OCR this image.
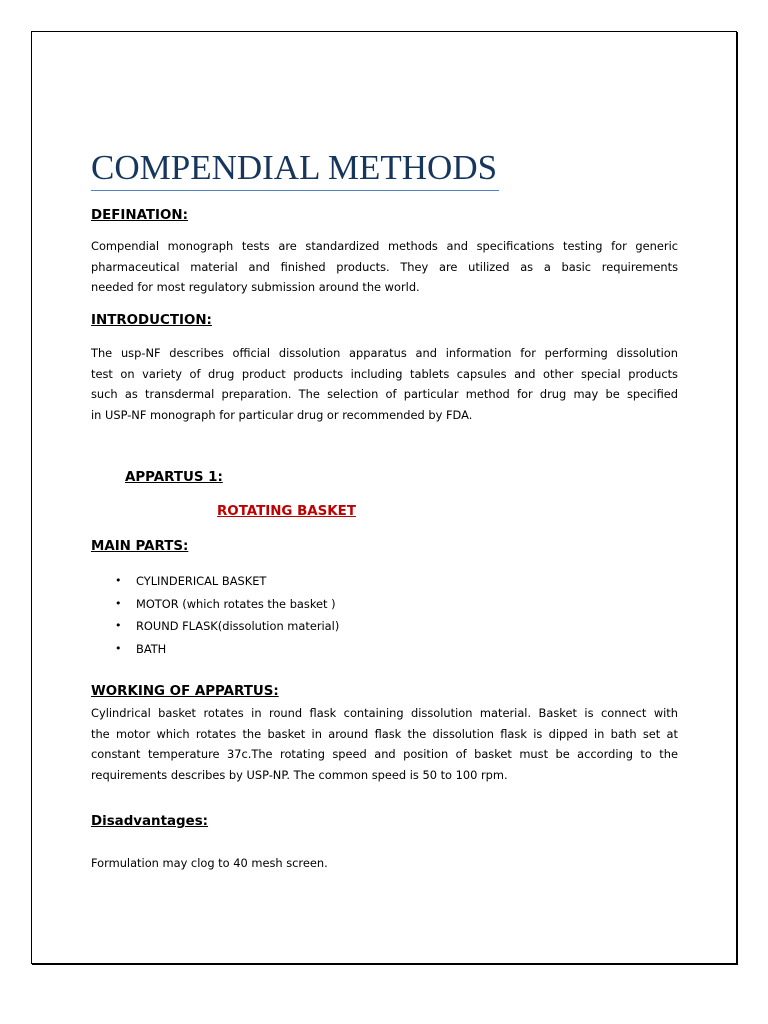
COMPENDIAL METHODS
DEFINATION:

Compendial monograph tests are standardized methods and specifications testing for generic
pharmaceutical material and finished products. They are utilized as a basic requirements
needed for most regulatory submission around the world.

INTRODUCTION:

The usp-NF describes official dissolution apparatus and information for performing dissolution
test on variety of drug product products including tablets capsules and other special products
such as transdermal preparation. The selection of particular method for drug may be specified
in USP-NF monograph for particular drug or recommended by FDA.

APPARTUS 1:
ROTATING BASKET
MAIN PARTS:
• CYLINDERICAL BASKET
• MOTOR (which rotates the basket )
• ROUND FLASK(dissolution material)
• BATH
WORKING OF APPARTUS:

Cylindrical basket rotates in round flask containing dissolution material. Basket is connect with
the motor which rotates the basket in around flask the dissolution flask is dipped in bath set at
constant temperature 37c.The rotating speed and position of basket must be according to the
requirements describes by USP-NP. The common speed is 50 to 100 rpm.

Disadvantages:

Formulation may clog to 40 mesh screen.
